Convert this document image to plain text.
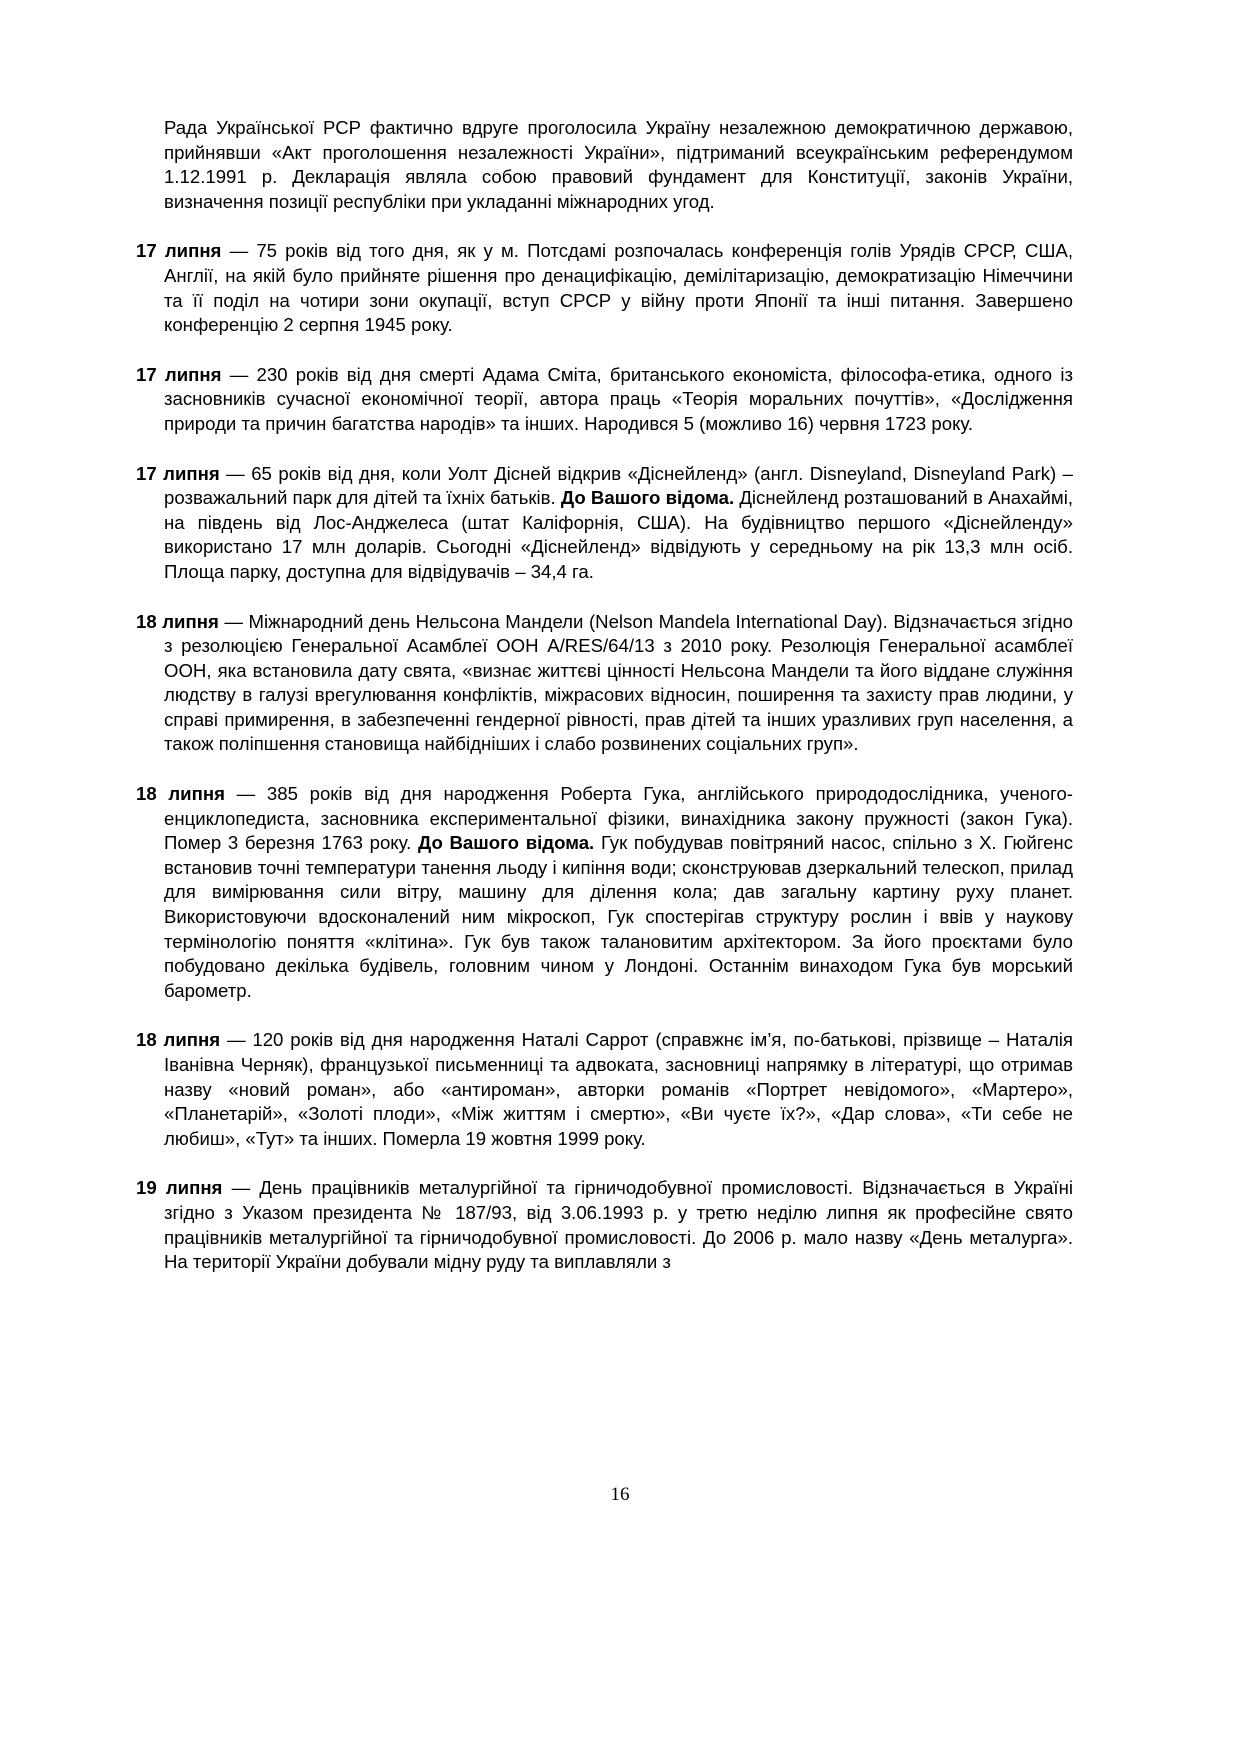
Рада Української РСР фактично вдруге проголосила Україну незалежною демократичною державою, прийнявши «Акт проголошення незалежності України», підтриманий всеукраїнським референдумом 1.12.1991 р. Декларація являла собою правовий фундамент для Конституції, законів України, визначення позиції республіки при укладанні міжнародних угод.

17 липня — 75 років від того дня, як у м. Потсдамі розпочалась конференція голів Урядів СРСР, США, Англії, на якій було прийняте рішення про денацифікацію, демілітаризацію, демократизацію Німеччини та її поділ на чотири зони окупації, вступ СРСР у війну проти Японії та інші питання. Завершено конференцію 2 серпня 1945 року.

17 липня — 230 років від дня смерті Адама Сміта, британського економіста, філософа-етика, одного із засновників сучасної економічної теорії, автора праць «Теорія моральних почуттів», «Дослідження природи та причин багатства народів» та інших. Народився 5 (можливо 16) червня 1723 року.

17 липня — 65 років від дня, коли Уолт Дісней відкрив «Діснейленд» (англ. Disneyland, Disneyland Park) – розважальний парк для дітей та їхніх батьків. До Вашого відома. Діснейленд розташований в Анахаймі, на південь від Лос-Анджелеса (штат Каліфорнія, США). На будівництво першого «Діснейленду» використано 17 млн доларів. Сьогодні «Діснейленд» відвідують у середньому на рік 13,3 млн осіб. Площа парку, доступна для відвідувачів – 34,4 га.

18 липня — Міжнародний день Нельсона Мандели (Nelson Mandela International Day). Відзначається згідно з резолюцією Генеральної Асамблеї ООН A/RES/64/13 з 2010 року. Резолюція Генеральної асамблеї ООН, яка встановила дату свята, «визнає життєві цінності Нельсона Мандели та його віддане служіння людству в галузі врегулювання конфліктів, міжрасових відносин, поширення та захисту прав людини, у справі примирення, в забезпеченні гендерної рівності, прав дітей та інших уразливих груп населення, а також поліпшення становища найбідніших і слабо розвинених соціальних груп».

18 липня — 385 років від дня народження Роберта Гука, англійського природодослідника, ученого-енциклопедиста, засновника експериментальної фізики, винахідника закону пружності (закон Гука). Помер 3 березня 1763 року. До Вашого відома. Гук побудував повітряний насос, спільно з Х. Гюйгенс встановив точні температури танення льоду і кипіння води; сконструював дзеркальний телескоп, прилад для вимірювання сили вітру, машину для ділення кола; дав загальну картину руху планет. Використовуючи вдосконалений ним мікроскоп, Гук спостерігав структуру рослин і ввів у наукову термінологію поняття «клітина». Гук був також талановитим архітектором. За його проєктами було побудовано декілька будівель, головним чином у Лондоні. Останнім винаходом Гука був морський барометр.

18 липня — 120 років від дня народження Наталі Саррот (справжнє ім’я, по-батькові, прізвище – Наталія Іванівна Черняк), французької письменниці та адвоката, засновниці напрямку в літературі, що отримав назву «новий роман», або «антироман», авторки романів «Портрет невідомого», «Мартеро», «Планетарій», «Золоті плоди», «Між життям і смертю», «Ви чуєте їх?», «Дар слова», «Ти себе не любиш», «Тут» та інших. Померла 19 жовтня 1999 року.

19 липня — День працівників металургійної та гірничодобувної промисловості. Відзначається в Україні згідно з Указом президента № 187/93, від 3.06.1993 р. у третю неділю липня як професійне свято працівників металургійної та гірничодобувної промисловості. До 2006 р. мало назву «День металурга». На території України добували мідну руду та виплавляли з

16
